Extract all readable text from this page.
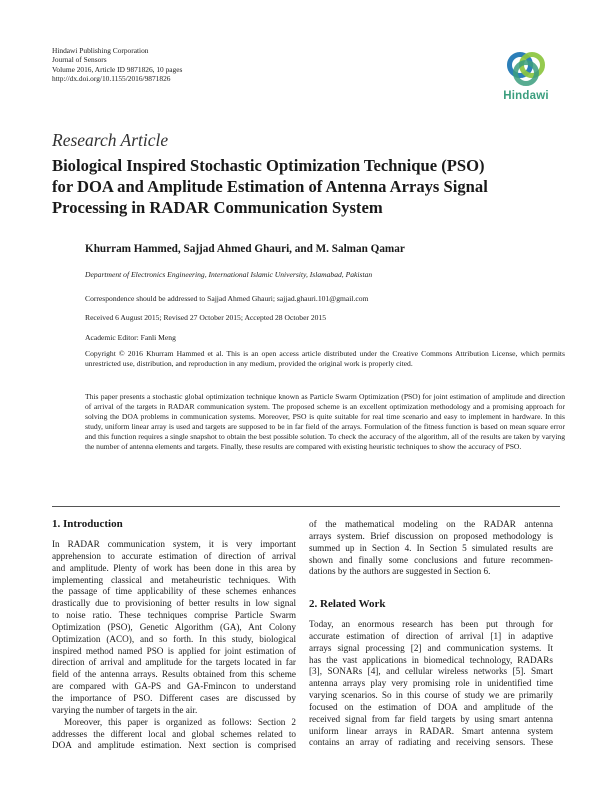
Hindawi Publishing Corporation
Journal of Sensors
Volume 2016, Article ID 9871826, 10 pages
http://dx.doi.org/10.1155/2016/9871826
Hindawi
Research Article
Biological Inspired Stochastic Optimization Technique (PSO)
for DOA and Amplitude Estimation of Antenna Arrays Signal
Processing in RADAR Communication System
Khurram Hammed, Sajjad Ahmed Ghauri, and M. Salman Qamar
Department of Electronics Engineering, International Islamic University, Islamabad, Pakistan
Correspondence should be addressed to Sajjad Ahmed Ghauri; sajjad.ghauri.101@gmail.com
Received 6 August 2015; Revised 27 October 2015; Accepted 28 October 2015
Academic Editor: Fanli Meng
Copyright © 2016 Khurram Hammed et al. This is an open access article distributed under the Creative Commons Attribution License, which permits unrestricted use, distribution, and reproduction in any medium, provided the original work is properly cited.
This paper presents a stochastic global optimization technique known as Particle Swarm Optimization (PSO) for joint estimation of amplitude and direction of arrival of the targets in RADAR communication system. The proposed scheme is an excellent optimization methodology and a promising approach for solving the DOA problems in communication systems. Moreover, PSO is quite suitable for real time scenario and easy to implement in hardware. In this study, uniform linear array is used and targets are supposed to be in far field of the arrays. Formulation of the fitness function is based on mean square error and this function requires a single snapshot to obtain the best possible solution. To check the accuracy of the algorithm, all of the results are taken by varying the number of antenna elements and targets. Finally, these results are compared with existing heuristic techniques to show the accuracy of PSO.
1. Introduction
In RADAR communication system, it is very important
apprehension to accurate estimation of direction of arrival
and amplitude. Plenty of work has been done in this area by
implementing classical and metaheuristic techniques. With
the passage of time applicability of these schemes enhances
drastically due to provisioning of better results in low signal
to noise ratio. These techniques comprise Particle Swarm
Optimization (PSO), Genetic Algorithm (GA), Ant Colony
Optimization (ACO), and so forth. In this study, biological
inspired method named PSO is applied for joint estimation of
direction of arrival and amplitude for the targets located in far
field of the antenna arrays. Results obtained from this scheme
are compared with GA-PS and GA-Fmincon to understand
the importance of PSO. Different cases are discussed by
varying the number of targets in the air.
Moreover, this paper is organized as follows: Section 2
addresses the different local and global schemes related to
DOA and amplitude estimation. Next section is comprised
of the mathematical modeling on the RADAR antenna
arrays system. Brief discussion on proposed methodology is
summed up in Section 4. In Section 5 simulated results are
shown and finally some conclusions and future recommen-
dations by the authors are suggested in Section 6.
2. Related Work
Today, an enormous research has been put through for
accurate estimation of direction of arrival [1] in adaptive
arrays signal processing [2] and communication systems. It
has the vast applications in biomedical technology, RADARs
[3], SONARs [4], and cellular wireless networks [5]. Smart
antenna arrays play very promising role in unidentified time
varying scenarios. So in this course of study we are primarily
focused on the estimation of DOA and amplitude of the
received signal from far field targets by using smart antenna
uniform linear arrays in RADAR. Smart antenna system
contains an array of radiating and receiving sensors. These
